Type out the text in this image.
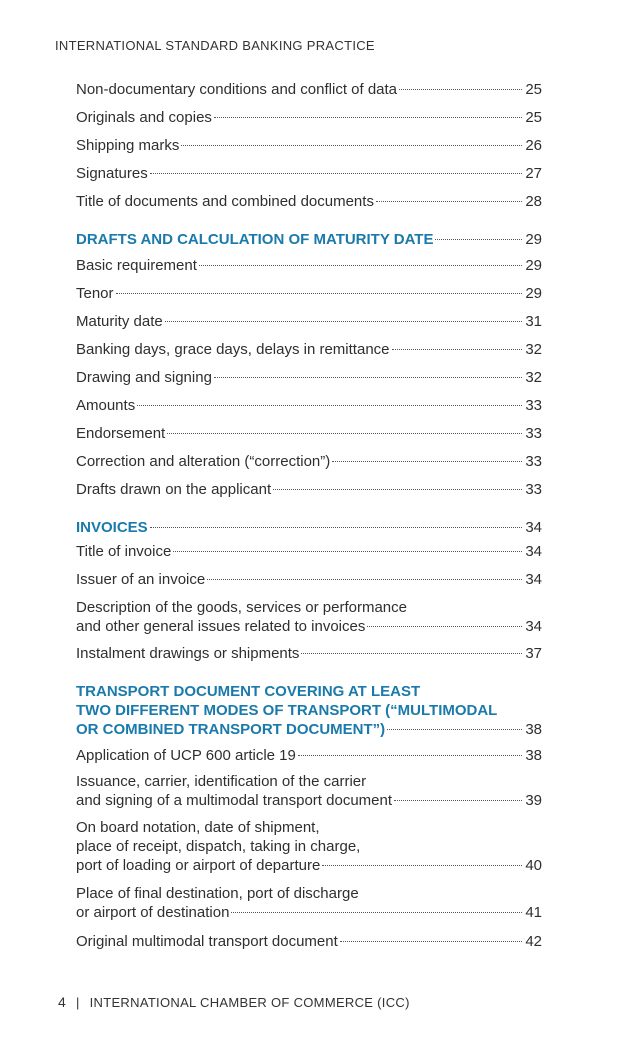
INTERNATIONAL STANDARD BANKING PRACTICE
Non-documentary conditions and conflict of data	25
Originals and copies	25
Shipping marks	26
Signatures	27
Title of documents and combined documents	28
DRAFTS AND CALCULATION OF MATURITY DATE	29
Basic requirement	29
Tenor	29
Maturity date	31
Banking days, grace days, delays in remittance	32
Drawing and signing	32
Amounts	33
Endorsement	33
Correction and alteration (“correction”)	33
Drafts drawn on the applicant	33
INVOICES	34
Title of invoice	34
Issuer of an invoice	34
Description of the goods, services or performance
and other general issues related to invoices	34
Instalment drawings or shipments	37
TRANSPORT DOCUMENT COVERING AT LEAST
TWO DIFFERENT MODES OF TRANSPORT (“MULTIMODAL
OR COMBINED TRANSPORT DOCUMENT”)	38
Application of UCP 600 article 19	38
Issuance, carrier, identification of the carrier
and signing of a multimodal transport document	39
On board notation, date of shipment,
place of receipt, dispatch, taking in charge,
port of loading or airport of departure	40
Place of final destination, port of discharge
or airport of destination	41
Original multimodal transport document	42
4 | INTERNATIONAL CHAMBER OF COMMERCE (ICC)
